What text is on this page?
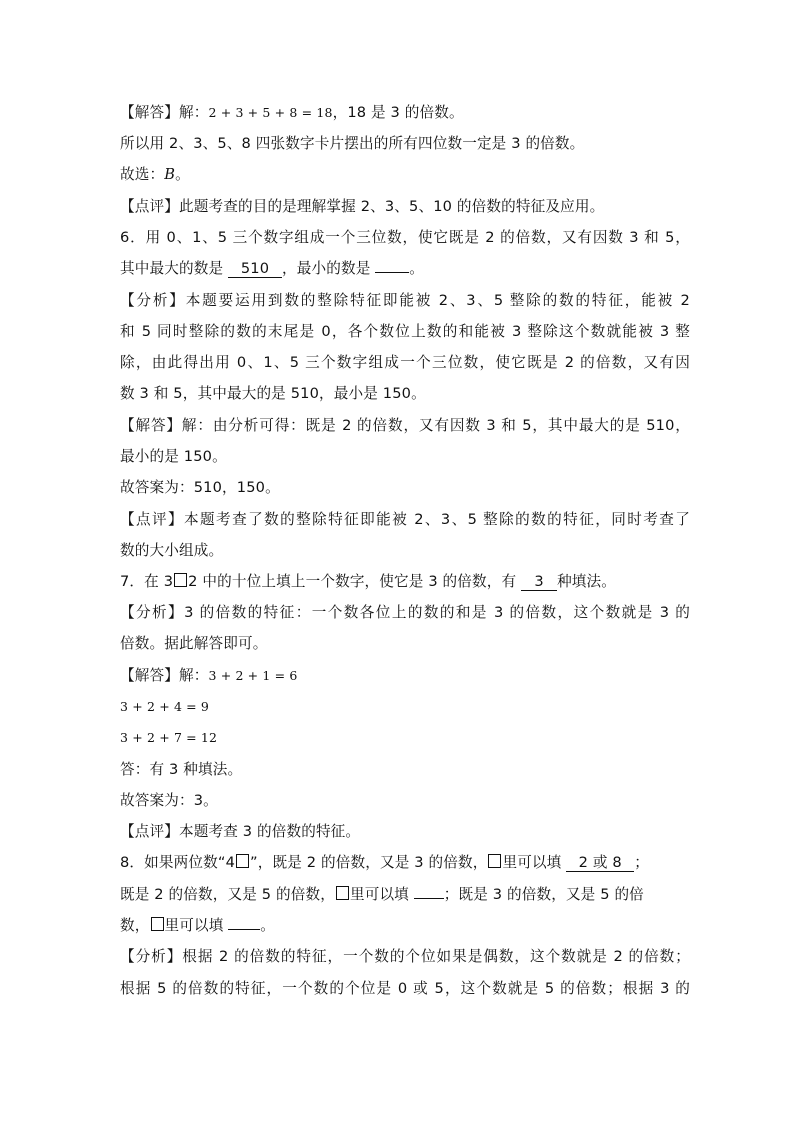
【解答】解：2 + 3 + 5 + 8 = 18，18 是 3 的倍数。
所以用 2、3、5、8 四张数字卡片摆出的所有四位数一定是 3 的倍数。
故选：B。
【点评】此题考查的目的是理解掌握 2、3、5、10 的倍数的特征及应用。
6．用 0、1、5 三个数字组成一个三位数，使它既是 2 的倍数，又有因数 3 和 5，
其中最大的数是 510 ，最小的数是 。
【分析】本题要运用到数的整除特征即能被 2、3、5 整除的数的特征，能被 2
和 5 同时整除的数的末尾是 0，各个数位上数的和能被 3 整除这个数就能被 3 整
除，由此得出用 0、1、5 三个数字组成一个三位数，使它既是 2 的倍数，又有因
数 3 和 5，其中最大的是 510，最小是 150。
【解答】解：由分析可得：既是 2 的倍数，又有因数 3 和 5，其中最大的是 510，
最小的是 150。
故答案为：510，150。
【点评】本题考查了数的整除特征即能被 2、3、5 整除的数的特征，同时考查了
数的大小组成。
7．在 3 2 中的十位上填上一个数字，使它是 3 的倍数，有 3 种填法。
【分析】3 的倍数的特征：一个数各位上的数的和是 3 的倍数，这个数就是 3 的
倍数。据此解答即可。
【解答】解：3 + 2 + 1 = 6
3 + 2 + 4 = 9
3 + 2 + 7 = 12
答：有 3 种填法。
故答案为：3。
【点评】本题考查 3 的倍数的特征。
8．如果两位数“4 ”，既是 2 的倍数，又是 3 的倍数， 里可以填 2 或 8 ；
既是 2 的倍数，又是 5 的倍数， 里可以填 ；既是 3 的倍数，又是 5 的倍
数， 里可以填 。
【分析】根据 2 的倍数的特征，一个数的个位如果是偶数，这个数就是 2 的倍数；
根据 5 的倍数的特征，一个数的个位是 0 或 5，这个数就是 5 的倍数；根据 3 的
